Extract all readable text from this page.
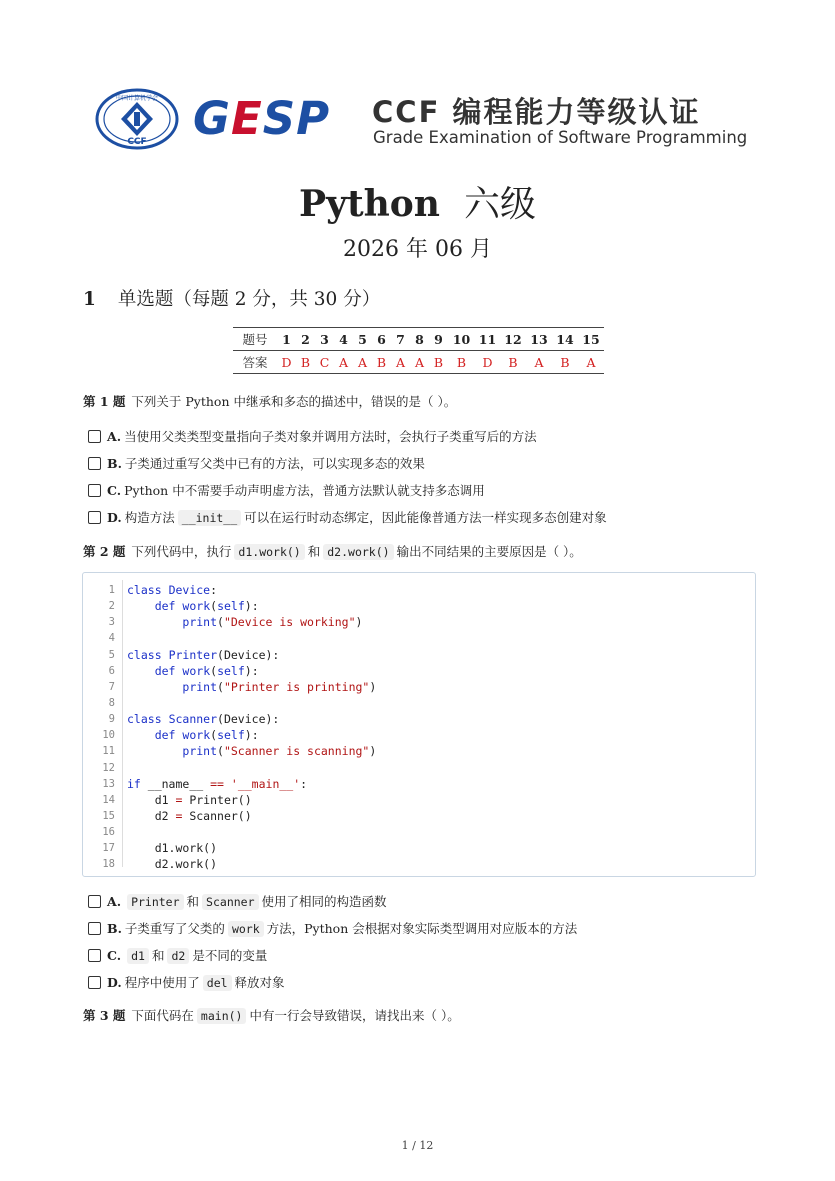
中国计算机学会
CCF GESP CCF 编程能力等级认证
Grade Examination of Software Programming
Python 六级
2026 年 06 月
1 单选题（每题 2 分，共 30 分）
题号	1	2	3	4	5	6	7	8	9	10	11	12	13	14	15
答案	D	B	C	A	A	B	A	A	B	B	D	B	A	B	A
第 1 题 下列关于 Python 中继承和多态的描述中，错误的是（ ）。
A. 当使用父类类型变量指向子类对象并调用方法时，会执行子类重写后的方法
B. 子类通过重写父类中已有的方法，可以实现多态的效果
C. Python 中不需要手动声明虚方法，普通方法默认就支持多态调用
D. 构造方法 __init__ 可以在运行时动态绑定，因此能像普通方法一样实现多态创建对象
第 2 题 下列代码中，执行 d1.work() 和 d2.work() 输出不同结果的主要原因是（ ）。
1
2
3
4
5
6
7
8
9
10
11
12
13
14
15
16
17
18
class Device:
def work(self):
print("Device is working")

class Printer(Device):
def work(self):
print("Printer is printing")

class Scanner(Device):
def work(self):
print("Scanner is scanning")

if __name__ == '__main__':
d1 = Printer()
d2 = Scanner()

d1.work()
d2.work()
A. Printer 和 Scanner 使用了相同的构造函数
B. 子类重写了父类的 work 方法，Python 会根据对象实际类型调用对应版本的方法
C. d1 和 d2 是不同的变量
D. 程序中使用了 del 释放对象
第 3 题 下面代码在 main() 中有一行会导致错误，请找出来（ ）。
1 / 12
